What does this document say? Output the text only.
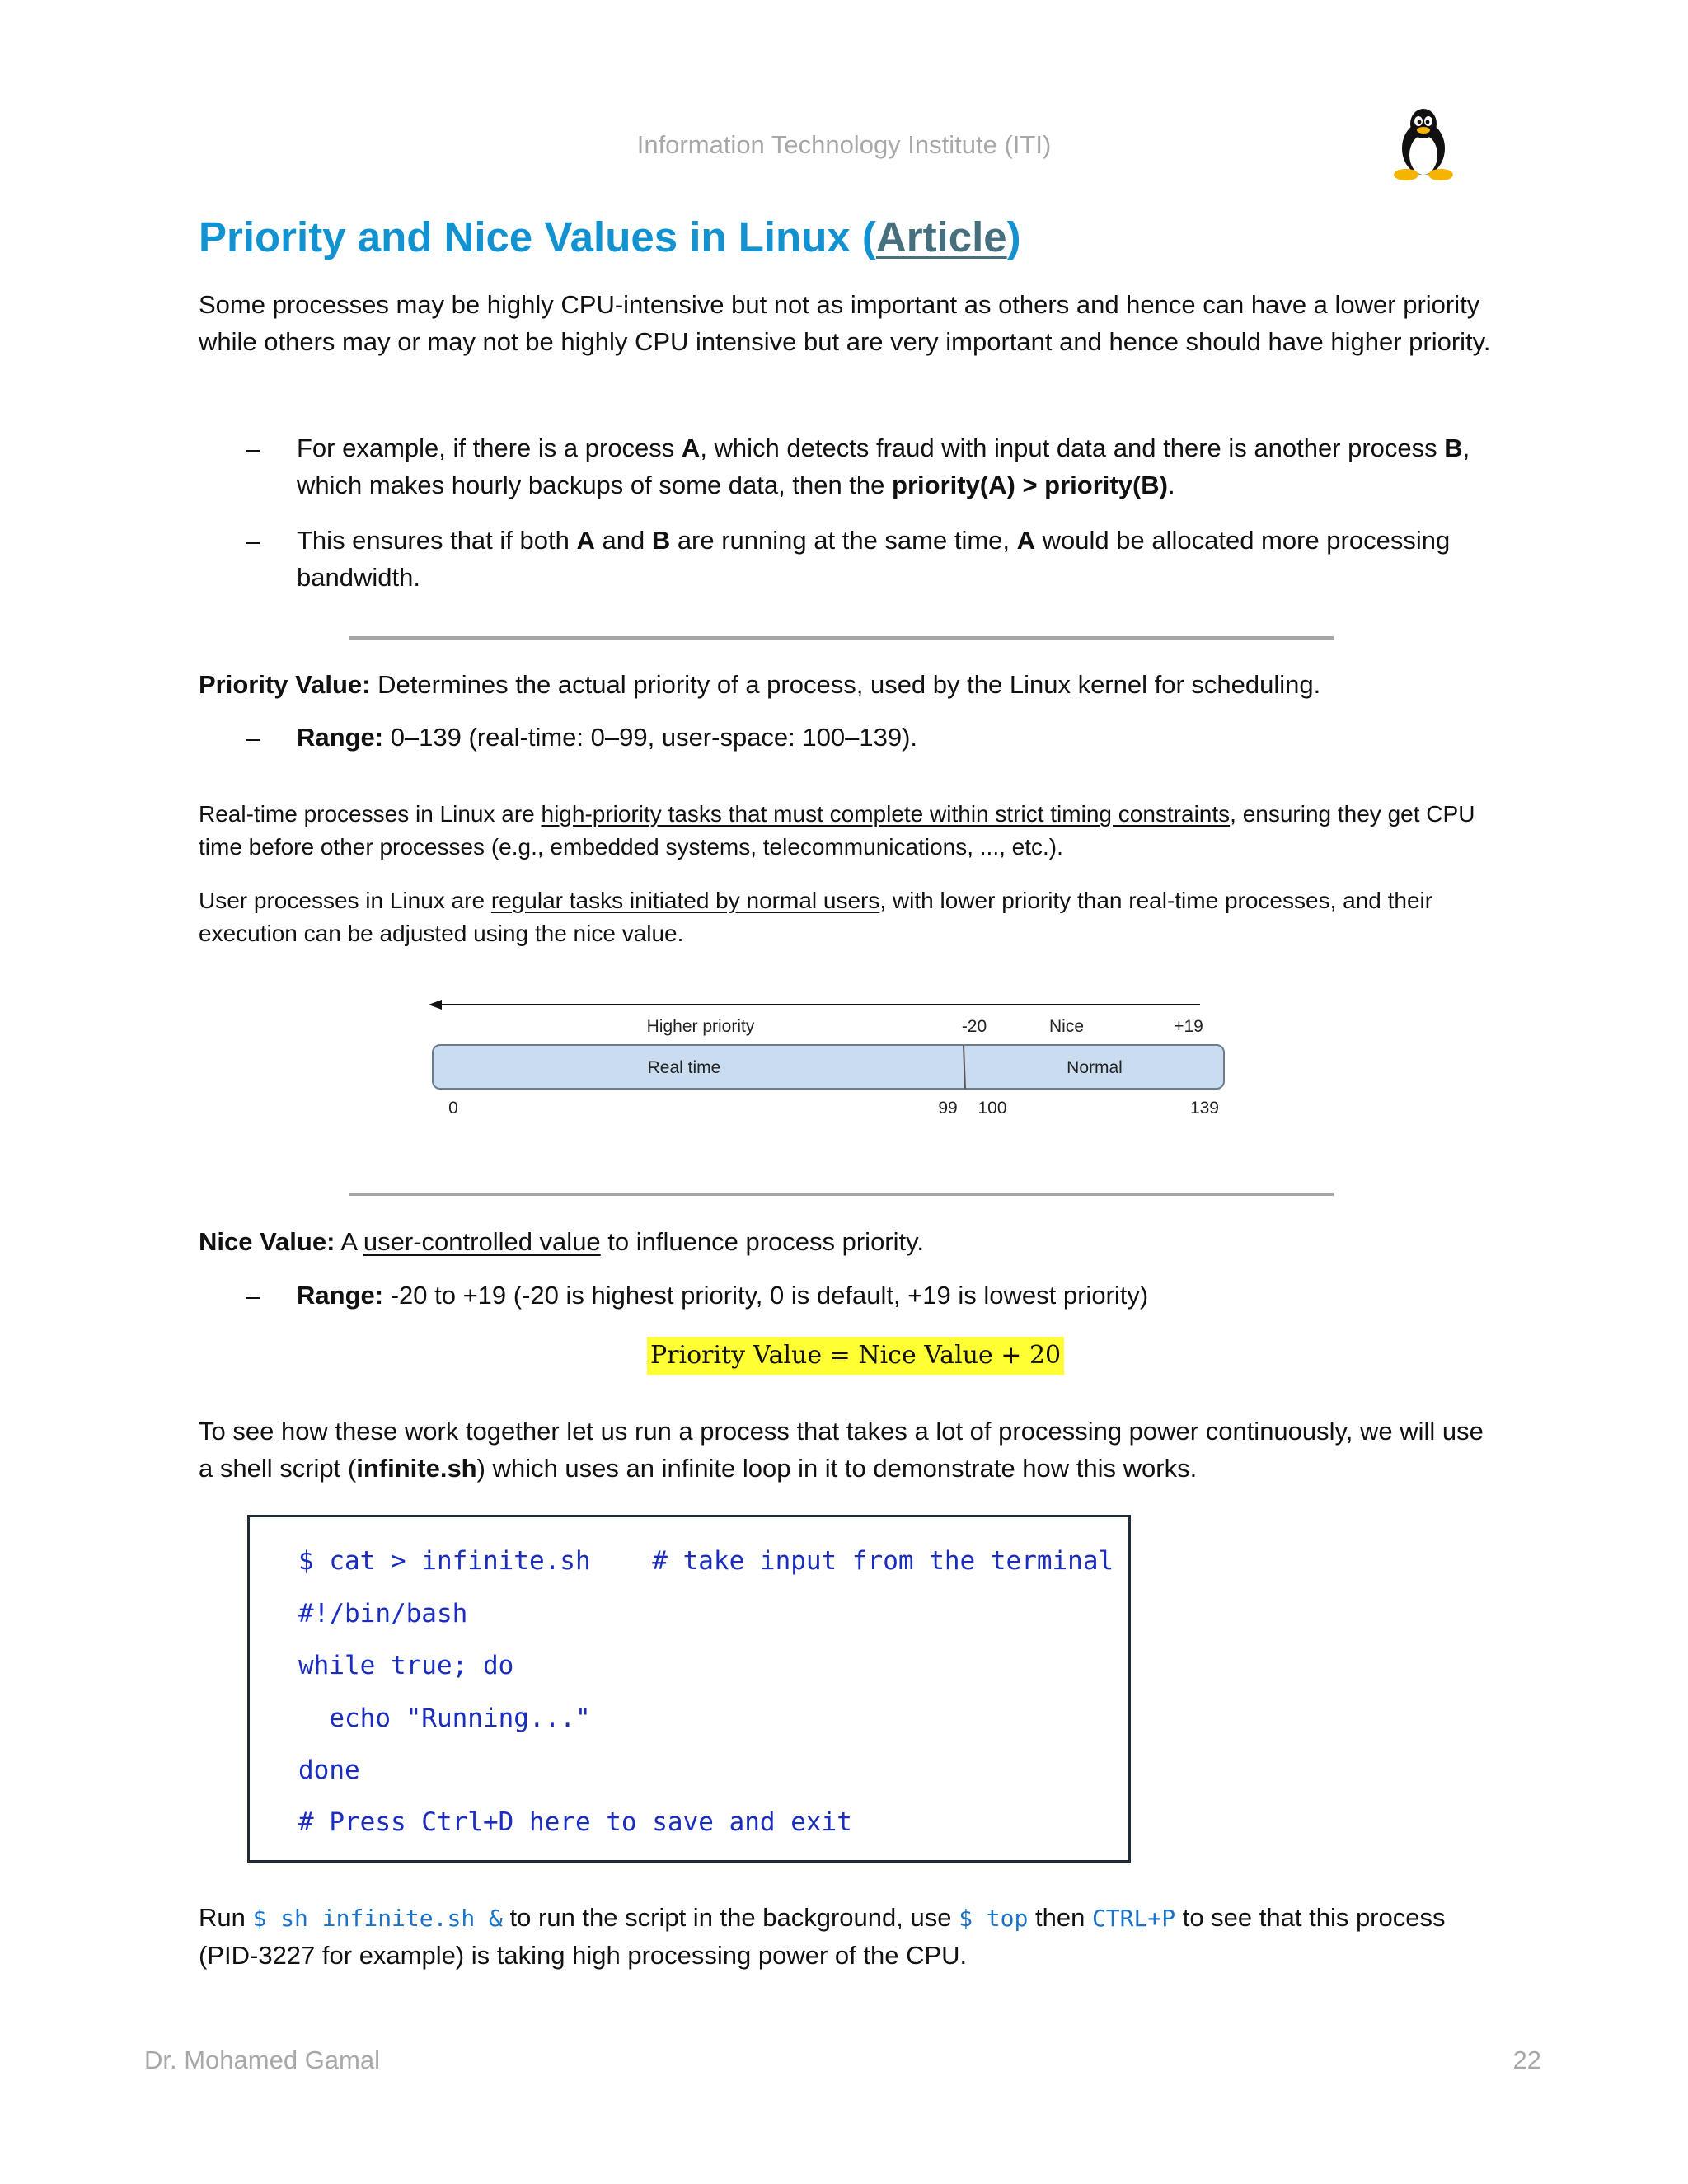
Information Technology Institute (ITI)
Priority and Nice Values in Linux (Article)

Some processes may be highly CPU-intensive but not as important as others and hence can have a lower priority while others may or may not be highly CPU intensive but are very important and hence should have higher priority.

– For example, if there is a process A, which detects fraud with input data and there is another process B, which makes hourly backups of some data, then the priority(A) > priority(B).

– This ensures that if both A and B are running at the same time, A would be allocated more processing bandwidth.

Priority Value: Determines the actual priority of a process, used by the Linux kernel for scheduling.

– Range: 0–139 (real-time: 0–99, user-space: 100–139).

Real-time processes in Linux are high-priority tasks that must complete within strict timing constraints, ensuring they get CPU time before other processes (e.g., embedded systems, telecommunications, ..., etc.).

User processes in Linux are regular tasks initiated by normal users, with lower priority than real-time processes, and their execution can be adjusted using the nice value.

Higher priority	-20	Nice	+19
Real time	Normal
0	99 100	139

Nice Value: A user-controlled value to influence process priority.

– Range: -20 to +19 (-20 is highest priority, 0 is default, +19 is lowest priority)

Priority Value = Nice Value + 20

To see how these work together let us run a process that takes a lot of processing power continuously, we will use a shell script (infinite.sh) which uses an infinite loop in it to demonstrate how this works.

$ cat > infinite.sh    # take input from the terminal
#!/bin/bash
while true; do
echo "Running..."
done
# Press Ctrl+D here to save and exit

Run $ sh infinite.sh & to run the script in the background, use $ top then CTRL+P to see that this process (PID-3227 for example) is taking high processing power of the CPU.

Dr. Mohamed Gamal	22
